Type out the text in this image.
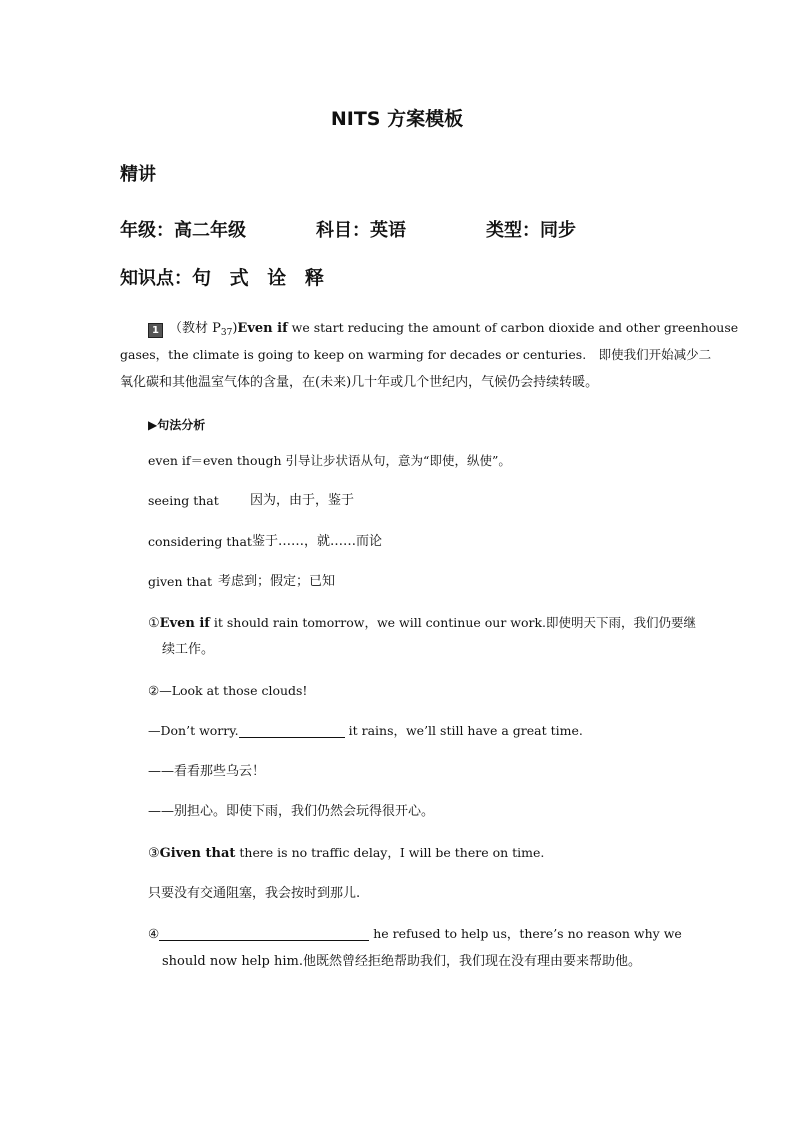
NITS 方案模板
精讲
年级：高二年级	科目：英语	类型：同步
知识点：句 式 诠 释
1 （教材 $P_{37})Even$ if we start reducing the amount of carbon dioxide and other greenhouse
gases，the climate is going to keep on warming for decades or centuries.　即使我们开始减少二
氧化碳和其他温室气体的含量，在(未来)几十年或几个世纪内，气候仍会持续转暖。
▶句法分析
even if＝even though 引导让步状语从句，意为“即使，纵使”。
seeing that 因为，由于，鉴于
considering that 鉴于……，就……而论
given that 考虑到；假定；已知
①Even if it should rain tomorrow，we will continue our work.即使明天下雨，我们仍要继
续工作。
②—Look at those clouds!
—Don’t worry.	it rains，we’ll still have a great time.
——看看那些乌云！
——别担心。即使下雨，我们仍然会玩得很开心。
③Given that there is no traffic delay，I will be there on time.
只要没有交通阻塞，我会按时到那儿.
④	he refused to help us，there’s no reason why we
should now help him.他既然曾经拒绝帮助我们，我们现在没有理由要来帮助他。
